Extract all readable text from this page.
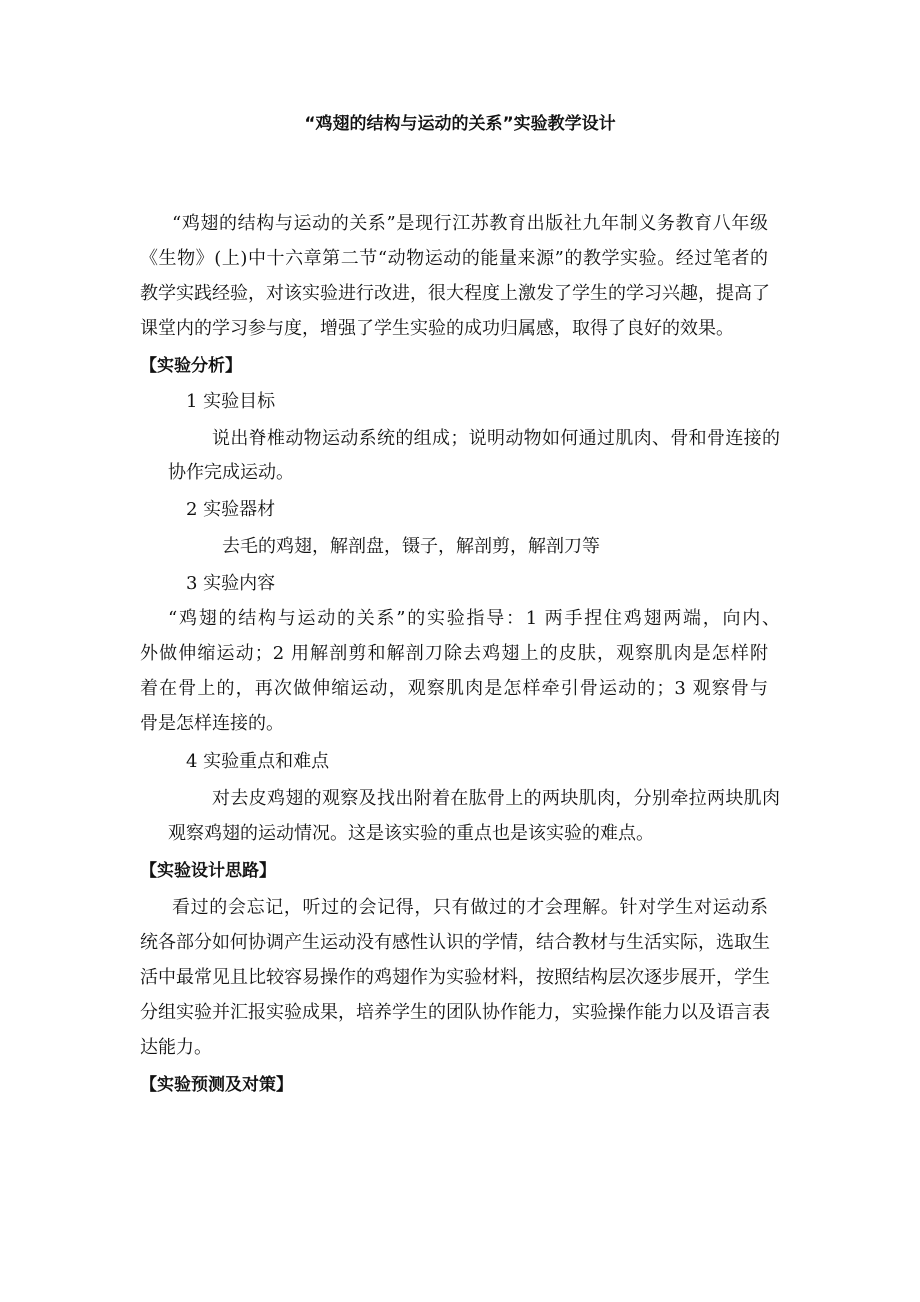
“鸡翅的结构与运动的关系”实验教学设计
“鸡翅的结构与运动的关系”是现行江苏教育出版社九年制义务教育八年级
《生物》(上)中十六章第二节“动物运动的能量来源”的教学实验。经过笔者的
教学实践经验，对该实验进行改进，很大程度上激发了学生的学习兴趣，提高了
课堂内的学习参与度，增强了学生实验的成功归属感，取得了良好的效果。
【实验分析】
1 实验目标
说出脊椎动物运动系统的组成；说明动物如何通过肌肉、骨和骨连接的
协作完成运动。
2 实验器材
去毛的鸡翅，解剖盘，镊子，解剖剪，解剖刀等
3 实验内容
“鸡翅的结构与运动的关系”的实验指导：1 两手捏住鸡翅两端，向内、
外做伸缩运动；2 用解剖剪和解剖刀除去鸡翅上的皮肤，观察肌肉是怎样附
着在骨上的，再次做伸缩运动，观察肌肉是怎样牵引骨运动的；3 观察骨与
骨是怎样连接的。
4 实验重点和难点
对去皮鸡翅的观察及找出附着在肱骨上的两块肌肉，分别牵拉两块肌肉
观察鸡翅的运动情况。这是该实验的重点也是该实验的难点。
【实验设计思路】
看过的会忘记，听过的会记得，只有做过的才会理解。针对学生对运动系
统各部分如何协调产生运动没有感性认识的学情，结合教材与生活实际，选取生
活中最常见且比较容易操作的鸡翅作为实验材料，按照结构层次逐步展开，学生
分组实验并汇报实验成果，培养学生的团队协作能力，实验操作能力以及语言表
达能力。
【实验预测及对策】
